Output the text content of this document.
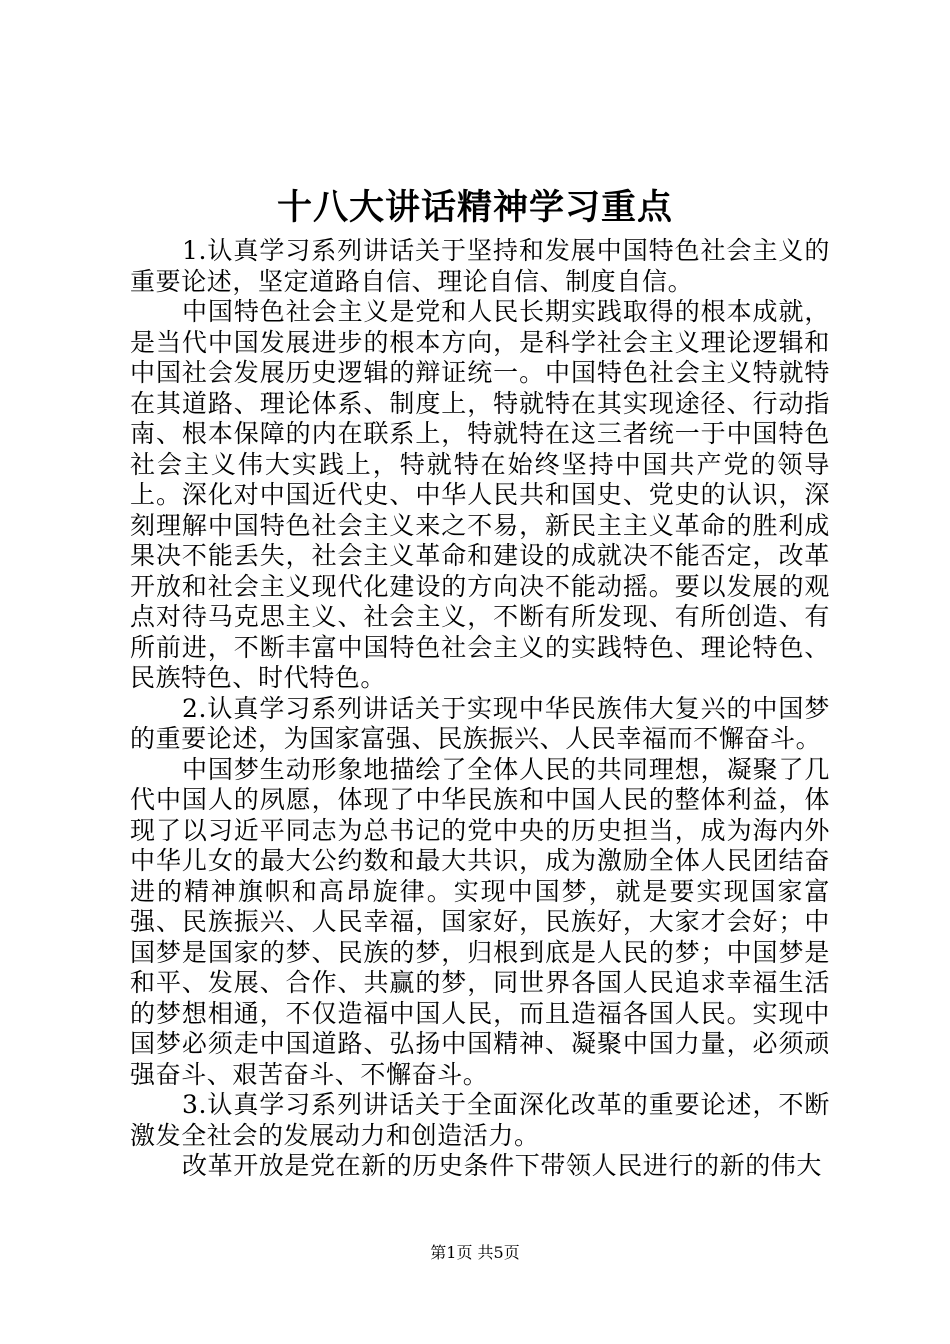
十八大讲话精神学习重点

1.认真学习系列讲话关于坚持和发展中国特色社会主义的重要论述，坚定道路自信、理论自信、制度自信。

中国特色社会主义是党和人民长期实践取得的根本成就，是当代中国发展进步的根本方向，是科学社会主义理论逻辑和中国社会发展历史逻辑的辩证统一。中国特色社会主义特就特在其道路、理论体系、制度上，特就特在其实现途径、行动指南、根本保障的内在联系上，特就特在这三者统一于中国特色社会主义伟大实践上，特就特在始终坚持中国共产党的领导上。深化对中国近代史、中华人民共和国史、党史的认识，深刻理解中国特色社会主义来之不易，新民主主义革命的胜利成果决不能丢失，社会主义革命和建设的成就决不能否定，改革开放和社会主义现代化建设的方向决不能动摇。要以发展的观点对待马克思主义、社会主义，不断有所发现、有所创造、有所前进，不断丰富中国特色社会主义的实践特色、理论特色、民族特色、时代特色。

2.认真学习系列讲话关于实现中华民族伟大复兴的中国梦的重要论述，为国家富强、民族振兴、人民幸福而不懈奋斗。

中国梦生动形象地描绘了全体人民的共同理想，凝聚了几代中国人的夙愿，体现了中华民族和中国人民的整体利益，体现了以习近平同志为总书记的党中央的历史担当，成为海内外中华儿女的最大公约数和最大共识，成为激励全体人民团结奋进的精神旗帜和高昂旋律。实现中国梦，就是要实现国家富强、民族振兴、人民幸福，国家好，民族好，大家才会好；中国梦是国家的梦、民族的梦，归根到底是人民的梦；中国梦是和平、发展、合作、共赢的梦，同世界各国人民追求幸福生活的梦想相通，不仅造福中国人民，而且造福各国人民。实现中国梦必须走中国道路、弘扬中国精神、凝聚中国力量，必须顽强奋斗、艰苦奋斗、不懈奋斗。

3.认真学习系列讲话关于全面深化改革的重要论述，不断激发全社会的发展动力和创造活力。

改革开放是党在新的历史条件下带领人民进行的新的伟大

第1页 共5页
